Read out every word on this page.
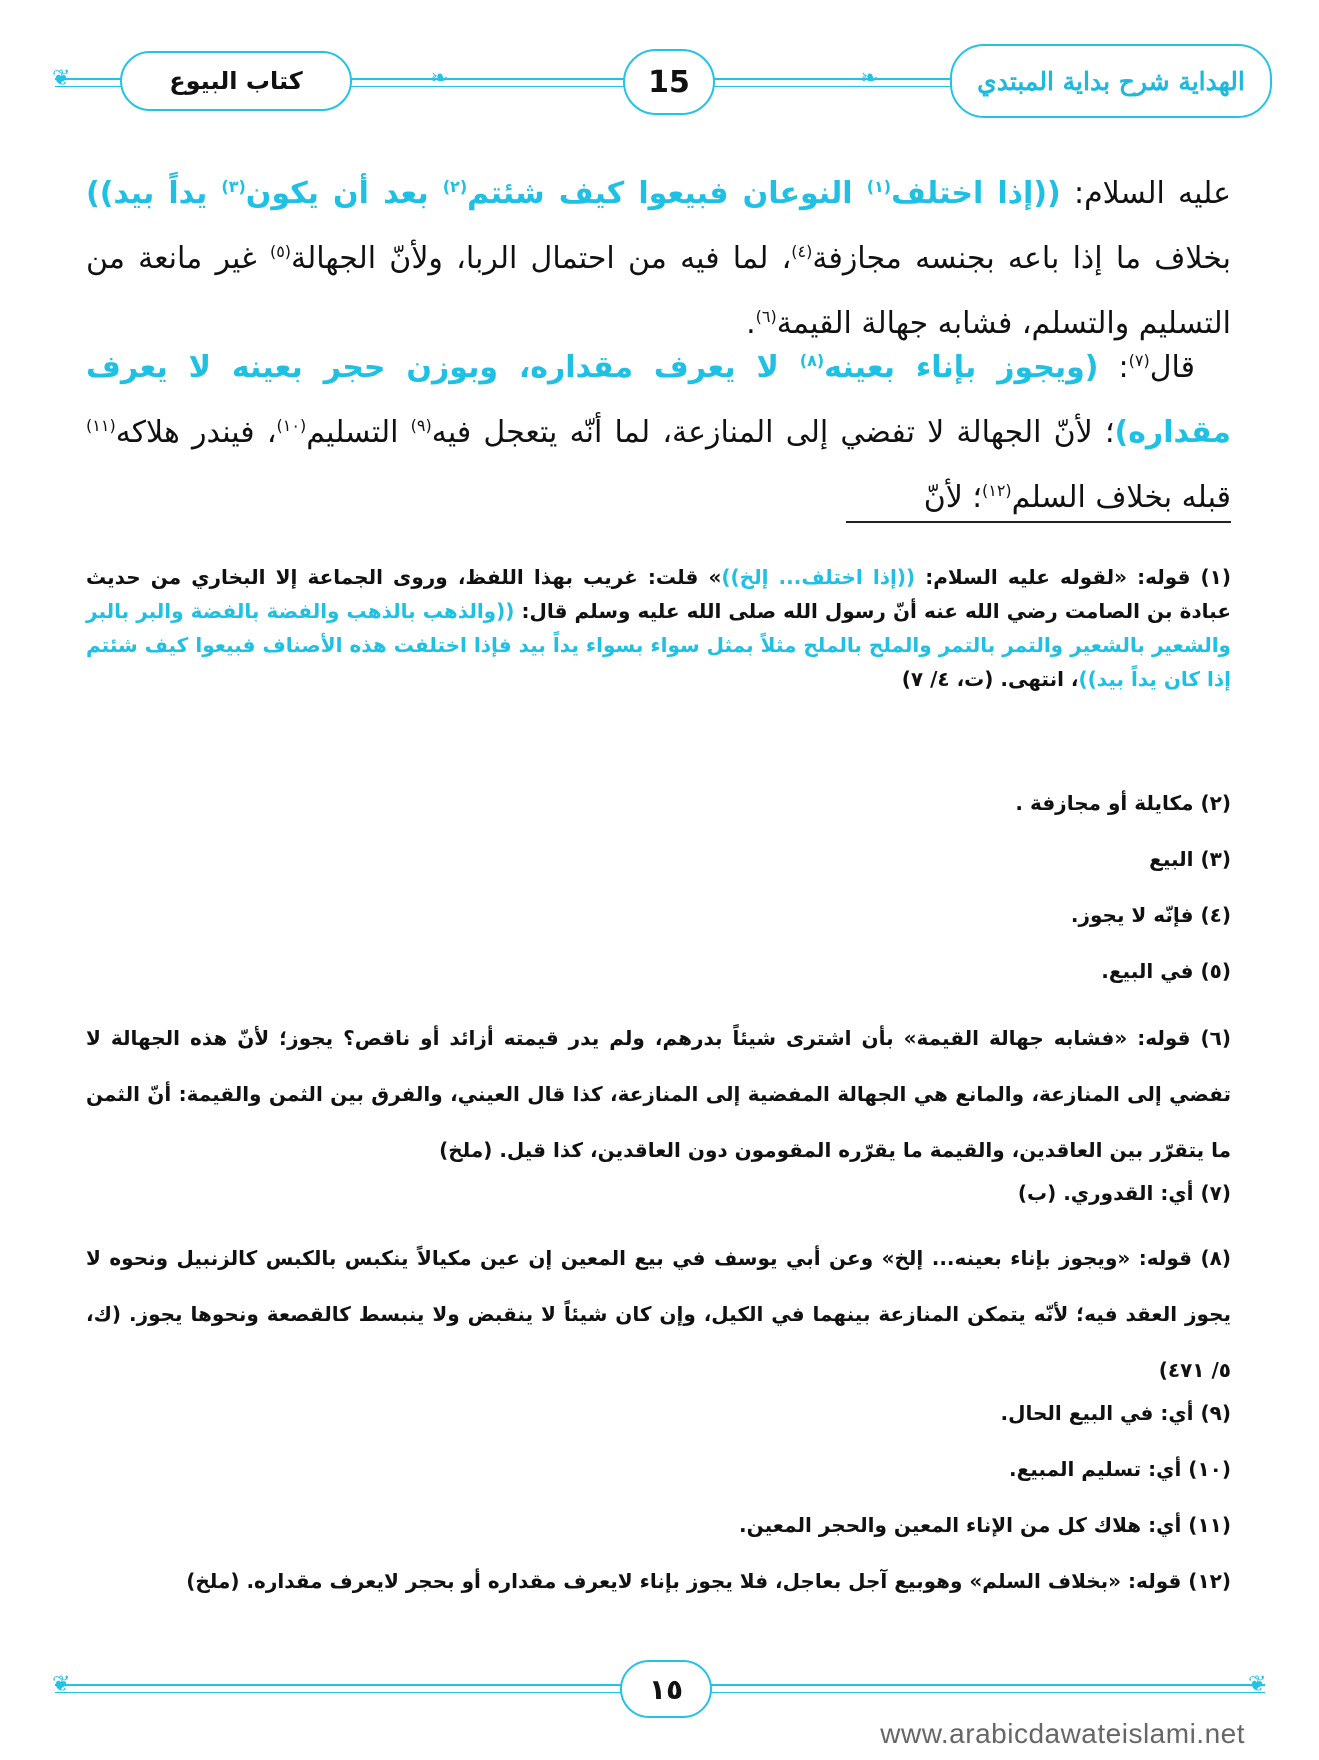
❦	❧	❧
كتاب البيوع	15	الهداية شرح بداية المبتدي
عليه السلام: ((إذا اختلف$^{(١)}$ النوعان فبيعوا كيف شئتم$^{(٢)}$ بعد أن يكون$^{(٣)}$ يداً بيد)) بخلاف ما إذا باعه بجنسه مجازفة$^{(٤)}$، لما فيه من احتمال الربا، ولأنّ الجهالة$^{(٥)}$ غير مانعة من التسليم والتسلم، فشابه جهالة القيمة$^{(٦)}$.
قال$^{(٧)}$: (ويجوز بإناء بعينه$^{(٨)}$ لا يعرف مقداره، وبوزن حجر بعينه لا يعرف مقداره)؛ لأنّ الجهالة لا تفضي إلى المنازعة، لما أنّه يتعجل فيه$^{(٩)}$ التسليم$^{(١٠)}$، فيندر هلاكه$^{(١١)}$ قبله بخلاف السلم$^{(١٢)}$؛ لأنّ
(١) قوله: «لقوله عليه السلام: ((إذا اختلف... إلخ))» قلت: غريب بهذا اللفظ، وروى الجماعة إلا البخاري من حديث عبادة بن الصامت رضي الله عنه أنّ رسول الله صلى الله عليه وسلم قال: ((والذهب بالذهب والفضة بالفضة والبر بالبر والشعير بالشعير والتمر بالتمر والملح بالملح مثلاً بمثل سواء بسواء يداً بيد فإذا اختلفت هذه الأصناف فبيعوا كيف شئتم إذا كان يداً بيد))، انتهى. (ت، ٤/ ٧)
(٢) مكايلة أو مجازفة .
(٣) البيع
(٤) فإنّه لا يجوز.
(٥) في البيع.
(٦) قوله: «فشابه جهالة القيمة» بأن اشترى شيئاً بدرهم، ولم يدر قيمته أزائد أو ناقص؟ يجوز؛ لأنّ هذه الجهالة لا تفضي إلى المنازعة، والمانع هي الجهالة المفضية إلى المنازعة، كذا قال العيني، والفرق بين الثمن والقيمة: أنّ الثمن ما يتقرّر بين العاقدين، والقيمة ما يقرّره المقومون دون العاقدين، كذا قيل. (ملخ)
(٧) أي: القدوري. (ب)
(٨) قوله: «ويجوز بإناء بعينه... إلخ» وعن أبي يوسف في بيع المعين إن عين مكيالاً ينكبس بالكبس كالزنبيل ونحوه لا يجوز العقد فيه؛ لأنّه يتمكن المنازعة بينهما في الكيل، وإن كان شيئاً لا ينقبض ولا ينبسط كالقصعة ونحوها يجوز. (ك، ٥/ ٤٧١)
(٩) أي: في البيع الحال.
(١٠) أي: تسليم المبيع.
(١١) أي: هلاك كل من الإناء المعين والحجر المعين.
(١٢) قوله: «بخلاف السلم» وهوبيع آجل بعاجل، فلا يجوز بإناء لايعرف مقداره أو بحجر لايعرف مقداره. (ملخ)
❦	❦
١٥
www.arabicdawateislami.net
